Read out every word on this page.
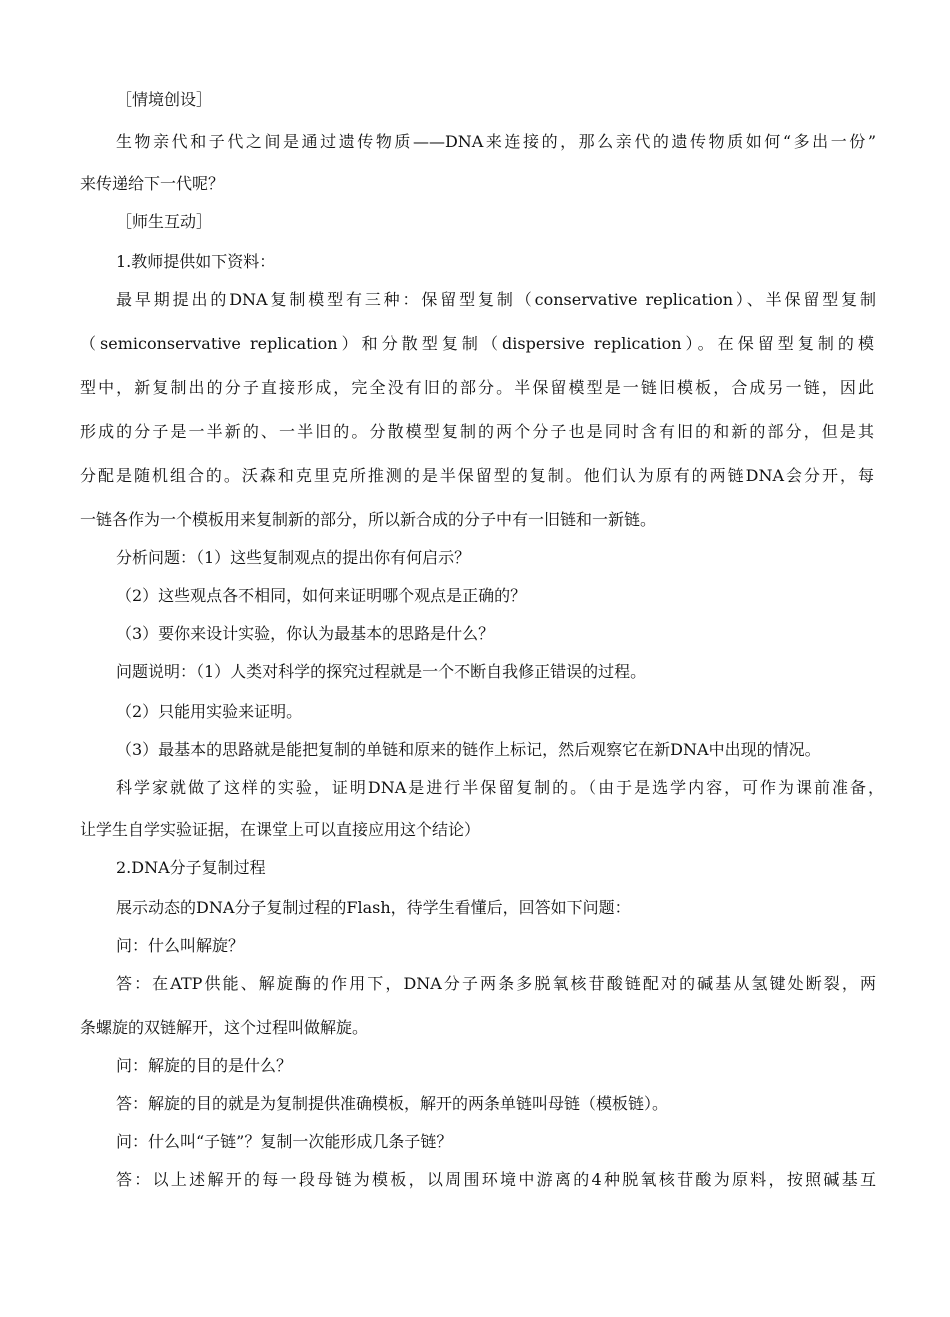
［情境创设］
生物亲代和子代之间是通过遗传物质——DNA来连接的，那么亲代的遗传物质如何“多出一份”
来传递给下一代呢？
［师生互动］
1.教师提供如下资料：
最早期提出的DNA复制模型有三种：保留型复制（conservative replication）、半保留型复制
（semiconservative replication）和分散型复制（dispersive replication）。在保留型复制的模
型中，新复制出的分子直接形成，完全没有旧的部分。半保留模型是一链旧模板，合成另一链，因此
形成的分子是一半新的、一半旧的。分散模型复制的两个分子也是同时含有旧的和新的部分，但是其
分配是随机组合的。沃森和克里克所推测的是半保留型的复制。他们认为原有的两链DNA会分开，每
一链各作为一个模板用来复制新的部分，所以新合成的分子中有一旧链和一新链。
分析问题：（1）这些复制观点的提出你有何启示？
（2）这些观点各不相同，如何来证明哪个观点是正确的？
（3）要你来设计实验，你认为最基本的思路是什么？
问题说明：（1）人类对科学的探究过程就是一个不断自我修正错误的过程。
（2）只能用实验来证明。
（3）最基本的思路就是能把复制的单链和原来的链作上标记，然后观察它在新DNA中出现的情况。
科学家就做了这样的实验，证明DNA是进行半保留复制的。（由于是选学内容，可作为课前准备，
让学生自学实验证据，在课堂上可以直接应用这个结论）
2.DNA分子复制过程
展示动态的DNA分子复制过程的Flash，待学生看懂后，回答如下问题：
问：什么叫解旋？
答：在ATP供能、解旋酶的作用下，DNA分子两条多脱氧核苷酸链配对的碱基从氢键处断裂，两
条螺旋的双链解开，这个过程叫做解旋。
问：解旋的目的是什么？
答：解旋的目的就是为复制提供准确模板，解开的两条单链叫母链（模板链）。
问：什么叫“子链”？复制一次能形成几条子链？
答：以上述解开的每一段母链为模板，以周围环境中游离的4种脱氧核苷酸为原料，按照碱基互
